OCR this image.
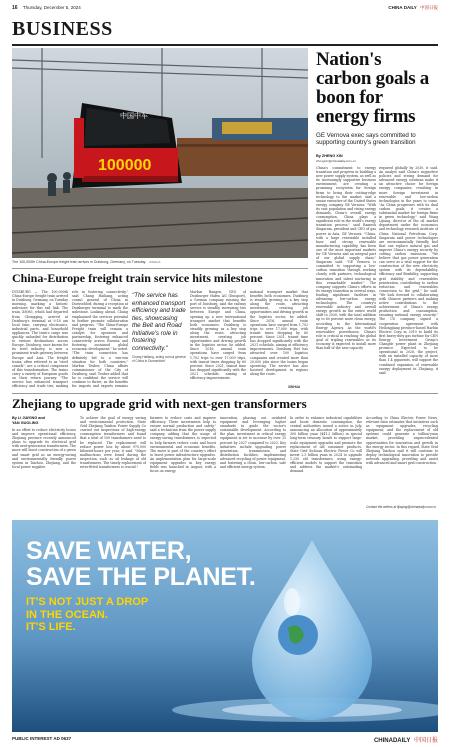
16 Thursday, December 5, 2024	CHINA DAILY 中国日报
BUSINESS
100000
中国中车
The 100,000th China-Europe freight train arrives in Duisburg, Germany, on Tuesday. XINHUA
Nation's carbon goals a boon for energy firms
GE Vernova exec says committed to supporting country's green transition
By ZHENG XIN
zhengxin@chinadaily.com.cn
China's commitment to energy transition and progress in building a new power supply system, as well as its increasingly supportive business environment, are creating a promising ecosystem for foreign firms to bring their cutting-edge technology to the market, said a senior executive of the United States energy company GE Vernova. "With its vast population and rising energy demands, China's overall energy consumption, China plays a significant role in the world's energy transition process," said Ramesh Singaram, president and CEO of gas power in Asia, GE Vernova. "China, with a large renewable installed base and strong renewable manufacturing capability, has been one of the most important markets for GE Vernova and an integral part of our global supply chain," Singaram said. "GE Vernova is committed to supporting a low-carbon transition through working closely with partners, technological innovation and talent nurturing in this remarkable market." The company supports China's efforts in its energy transition in several ways, leading significant facilities in advancing low-carbon energy technologies. The country's renewable industry and overall energy growth as the entire world shift to 2030, with the total addition up to 60 percent more clean energy, according to the International Energy Agency. As the world's renewables powerhouse, China's role is critical in reaching the global goal of tripling renewables as its economy is expected to install more than half of the new capacity
required globally by 2030, it said. An analyst said China's supportive policies and strong demand for advanced energy solutions make it an attractive choice for foreign energy companies, resulting in more foreign investment in renewable and low-carbon technologies in the years to come. "As China progresses with its dual carbon goals, it creates a substantial market for foreign firms in green technology," said Wang Lijiang, director of the oil market department under the economics and technology research institute of China National Petroleum Corp. Singaram said power technologies are environmentally friendly fuel that can replace natural gas and improve China's energy security by cutting carbon emissions. "We believe that gas power generation can serve as a vital support for the construction of the new electricity system with its dependability, efficiency and flexibility, supporting grid stability and renewables penetration, contributing to carbon reduction and renewables connection to the grid," he said. "We look forward to collaborating with Chinese partners and making active contributions to the achievement of China's energy production and consumption, ensuring national energy security." The US company signed a cooperation agreement with Heilongjiang province-based Harbin Electric Corp in 2019 to build its first heavy-duty gas turbine for CEN Energy Investment Group's Changde power plant in Zhejiang province. Expected to be operational in 2026, the project, with an installed capacity of more than 1.4 gigawatts, will support the combined expansion of renewable energy deployment in Zhejiang, it said.
China-Europe freight train service hits milestone
DUISBURG — The 100,000th China-Europe freight train arrived in Duisburg, Germany, on Tuesday morning, marking a historic milestone for this rail link. The train, X8083, which had departed from Chongqing, arrived at Duisburg's terminal at 9:18 am local time, carrying electronics, industrial parts, and household appliances. The train's cargo was quickly unloaded for distribution to various destinations across Europe. Duisburg, once known for its steel industry, is now a prominent trade gateway between Europe and Asia. The freight trains, often referred to as "steel camels", are a critical component of this transformation. The trains carry a variety of European goods on their return journey. "The service has enhanced transport efficiency and trade ties, making
role in fostering connectivity," said Chang Hailiang, acting consul general of China in Duesseldorf, during a reception at Duisburger terminal to mark the milestone. Looking ahead, Chang emphasized the services potential to further promote collaboration and progress. "The China-Europe Freight train will remain a catalyst for openness and partnership, fostering enhanced connectivity across Eurasia and fostering sustained global economic development," he noted. "The train connection has definitely led to a win-win situation for both countries," Markus Teuber, China affairs commissioner of the City of Duisburg, said. Teuber added that he is confident the service will continue to thrive, as the benefits for imports and exports remains
"The service has enhanced transport efficiency and trade ties, showcasing the Belt and Road Initiative's role in fostering connectivity."
Chang Hailiang, acting consul general of China in Duesseldorf
Markus Bangen, CEO of Duisburger Hafen AG (Duisport), a German company running the port of Duisburg, said the railway service is steadily increasing ties between Europe and China, opening up a new international transport market that benefits both economies. Duisburg is steadily growing as a key stop along the route, attracting investment, creating job opportunities and driving growth in the logistics sector, he added. Since 2016, annual train operations have surged from 1,702 trips to over 17,000 trips, with transit times dropping by 60 percent. Since 2021, transit time has dropped significantly with the 2021 schedule, aiming at efficiency improvements.
national transport market that benefits both economies. Duisburg is steadily growing as a key stop along the route, attracting investment, creating job opportunities and driving growth in the logistics sector, he added. Since 2016, annual train operations have surged from 1,702 trips to over 17,000 trips, with transit times dropping by 60 percent. Since 2021, transit time has dropped significantly with the 2021 schedule, aiming at efficiency improvements. Duisburg Port has attracted over 100 logistics companies and created more than 20,000 jobs since the trains began operating. The service has also boosted development in regions along the route.
XINHUA
Zhejiang to upgrade grid with next-gen transformers
By LI JIAYING and
YAN GUOLING
In an effort to reduce electricity losses and improve operational efficiency, Zhejiang province recently announced plans to upgrade its electrical grid with next-generation transformers. The move will boost construction of a green and smart grid as an energy-saving and environmentally friendly power system in Taizhou, Zhejiang, and the local power supplier.
To achieve the goal of energy saving and environmental protection, State Grid Zhejiang Taizhou Power Supply Co carried out inspections of high-energy consumption transformers and found that a total of 100 transformers need to be replaced. The replacement will reduce power loss by about 970,000 kilowatt-hours per year, it said. "Major malfunctions were found during the inspection, such as oil leakage of old transformers. The timely replacement of retro-fitted transformers is crucial."
farmers to reduce costs and improve efficiency. These investments help to ensure normal production and safety," said a technician from the power supply company, adding that the usage of energy-saving transformers is expected to help farmers reduce costs and boost environmental and economic benefits. The move is part of the country's effort to boost power infrastructure upgrades. An implementation plan for large-scale equipment upgrades in key energy fields was launched in August, with a focus on energy
innovation, phasing out outdated equipment and leveraging higher standards to guide the sector's sustainable development. According to the plan, investment in critical energy equipment is set to increase by over 25 percent by 2027 compared to 2023. Key initiatives include upgrading power generation, transmission and distribution facilities, implementing advanced recycling of power equipment, and fostering a clean, low-carbon, safe and efficient energy system.
In order to enhance industrial capabilities and boost domestic consumption, the central authorities issued a notice in July, announcing an allocation of approximately 300 billion yuan ($41.3 billion) in special long-term treasury bonds to support large-scale equipment upgrades and promote the replacement of old consumer products. State Grid Sichuan Electric Power Co will invest 2.5 billion yuan in 2024 to upgrade 1,250 old transformers, using energy-efficient models to support the transition and address the market's outstanding demand.
According to China Electric Power News, relevant data estimates that initiatives such as equipment upgrades, recycling equipment, and the replacement of old systems could generate a trillion-yuan market, providing unprecedented opportunities for innovation and growth in the energy sector. In this regard, State Grid Zhejiang Taizhou said it will continue to deploy technological innovation to provide network upgrading, providing and assist with advanced and smart grid construction.
Contact the writers at lijiaying@chinadaily.com.cn
SAVE WATER,
SAVE THE PLANET.
IT'S NOT JUST A DROP
IN THE OCEAN.
IT'S LIFE.
PUBLIC INTEREST AD 0637	CHINADAILY 中国日报
